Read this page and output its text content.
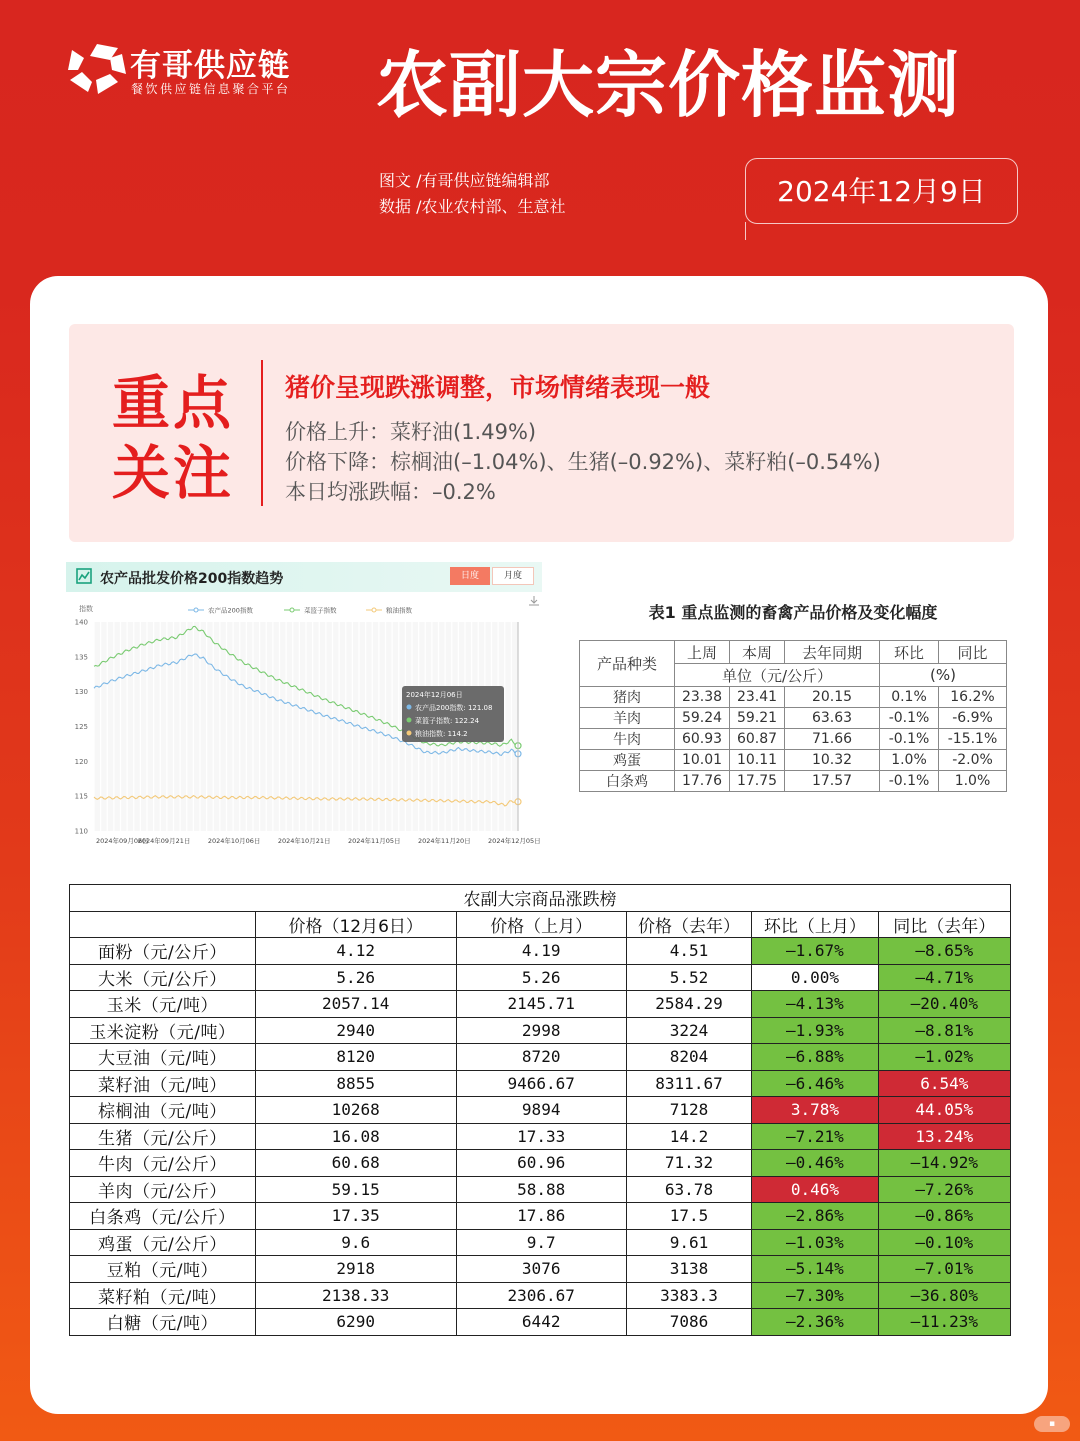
有哥供应链
餐饮供应链信息聚合平台 农副大宗价格监测
图文 /有哥供应链编辑部
数据 /农业农村部、生意社	2024年12月9日
重点
关注
猪价呈现跌涨调整，市场情绪表现一般
价格上升：菜籽油(1.49%)
价格下降：棕榈油(–1.04%)、生猪(–0.92%)、菜籽粕(–0.54%)
本日均涨跌幅：–0.2%
农产品批发价格200指数趋势	日度	月度
农产品200指数	菜篮子指数	粮油指数
指数
2024年09月06日
2024年09月21日	2024年10月06日	2024年10月21日	2024年11月05日	2024年11月20日	2024年12月05日
110
115
120
125
130
135
140
2024年12月06日
农产品200指数: 121.08
菜篮子指数: 122.24
粮油指数: 114.2
表1 重点监测的畜禽产品价格及变化幅度
产品种类	上周	本周	去年同期	环比	同比
	单位（元/公斤）			(%)	
猪肉	23.38	23.41	20.15	0.1%	16.2%
羊肉	59.24	59.21	63.63	-0.1%	-6.9%
牛肉	60.93	60.87	71.66	-0.1%	-15.1%
鸡蛋	10.01	10.11	10.32	1.0%	-2.0%
白条鸡	17.76	17.75	17.57	-0.1%	1.0%
农副大宗商品涨跌榜					
	价格（12月6日）	价格（上月）	价格（去年）	环比（上月）	同比（去年）
面粉（元/公斤）	4.12	4.19	4.51	–1.67%	–8.65%
大米（元/公斤）	5.26	5.26	5.52	0.00%	–4.71%
玉米（元/吨）	2057.14	2145.71	2584.29	–4.13%	–20.40%
玉米淀粉（元/吨）	2940	2998	3224	–1.93%	–8.81%
大豆油（元/吨）	8120	8720	8204	–6.88%	–1.02%
菜籽油（元/吨）	8855	9466.67	8311.67	–6.46%	6.54%
棕榈油（元/吨）	10268	9894	7128	3.78%	44.05%
生猪（元/公斤）	16.08	17.33	14.2	–7.21%	13.24%
牛肉（元/公斤）	60.68	60.96	71.32	–0.46%	–14.92%
羊肉（元/公斤）	59.15	58.88	63.78	0.46%	–7.26%
白条鸡（元/公斤）	17.35	17.86	17.5	–2.86%	–0.86%
鸡蛋（元/公斤）	9.6	9.7	9.61	–1.03%	–0.10%
豆粕（元/吨）	2918	3076	3138	–5.14%	–7.01%
菜籽粕（元/吨）	2138.33	2306.67	3383.3	–7.30%	–36.80%
白糖（元/吨）	6290	6442	7086	–2.36%	–11.23%
▪
